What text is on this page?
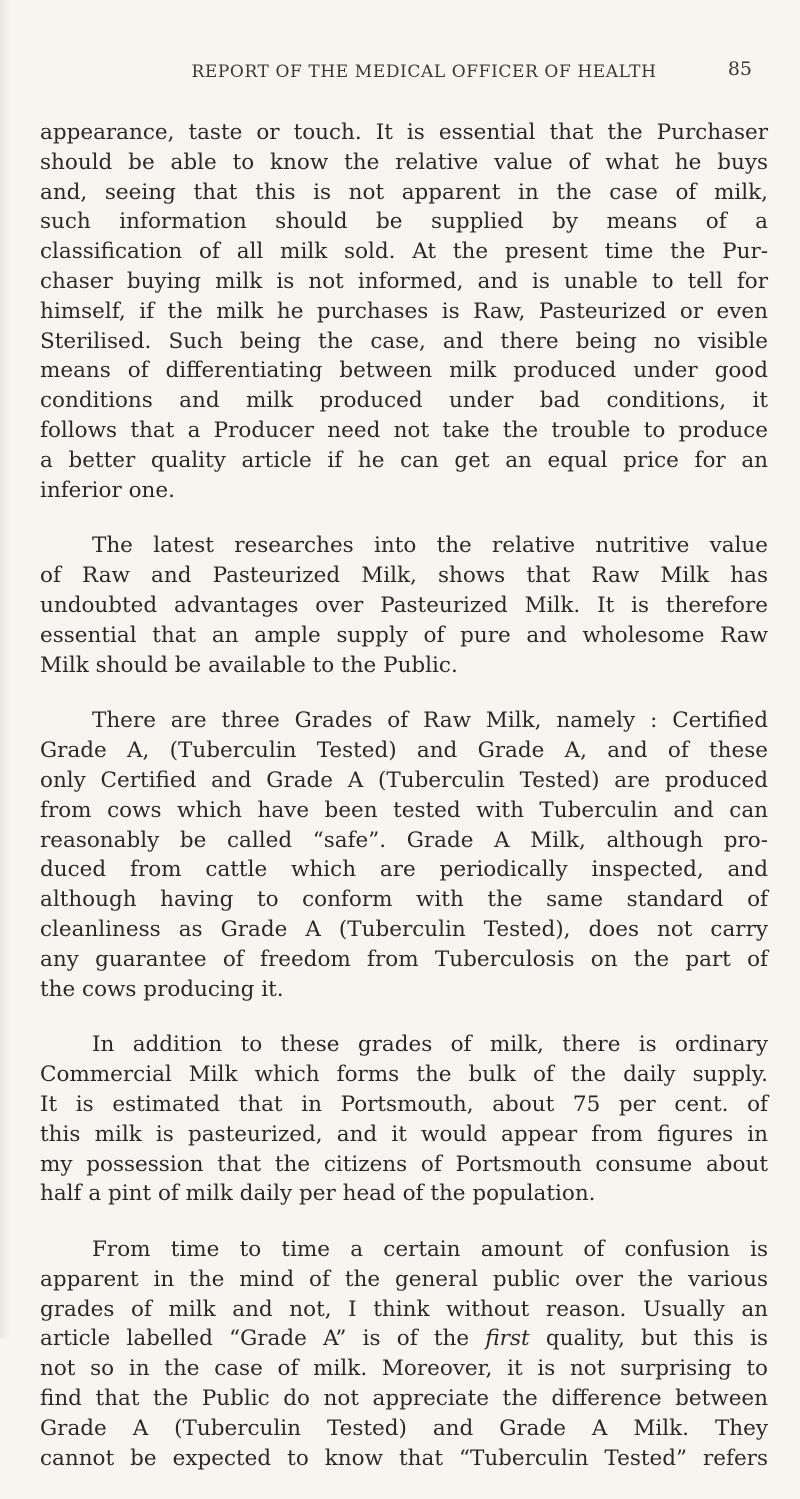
REPORT OF THE MEDICAL OFFICER OF HEALTH	85

appearance, taste or touch. It is essential that the Purchaser
should be able to know the relative value of what he buys
and, seeing that this is not apparent in the case of milk,
such information should be supplied by means of a
classification of all milk sold. At the present time the Pur-
chaser buying milk is not informed, and is unable to tell for
himself, if the milk he purchases is Raw, Pasteurized or even
Sterilised. Such being the case, and there being no visible
means of differentiating between milk produced under good
conditions and milk produced under bad conditions, it
follows that a Producer need not take the trouble to produce
a better quality article if he can get an equal price for an
inferior one.

The latest researches into the relative nutritive value
of Raw and Pasteurized Milk, shows that Raw Milk has
undoubted advantages over Pasteurized Milk. It is therefore
essential that an ample supply of pure and wholesome Raw
Milk should be available to the Public.

There are three Grades of Raw Milk, namely : Certified
Grade A, (Tuberculin Tested) and Grade A, and of these
only Certified and Grade A (Tuberculin Tested) are produced
from cows which have been tested with Tuberculin and can
reasonably be called “safe”. Grade A Milk, although pro-
duced from cattle which are periodically inspected, and
although having to conform with the same standard of
cleanliness as Grade A (Tuberculin Tested), does not carry
any guarantee of freedom from Tuberculosis on the part of
the cows producing it.

In addition to these grades of milk, there is ordinary
Commercial Milk which forms the bulk of the daily supply.
It is estimated that in Portsmouth, about 75 per cent. of
this milk is pasteurized, and it would appear from figures in
my possession that the citizens of Portsmouth consume about
half a pint of milk daily per head of the population.

From time to time a certain amount of confusion is
apparent in the mind of the general public over the various
grades of milk and not, I think without reason. Usually an
article labelled “Grade A” is of the first quality, but this is
not so in the case of milk. Moreover, it is not surprising to
find that the Public do not appreciate the difference between
Grade A (Tuberculin Tested) and Grade A Milk. They
cannot be expected to know that “Tuberculin Tested” refers
